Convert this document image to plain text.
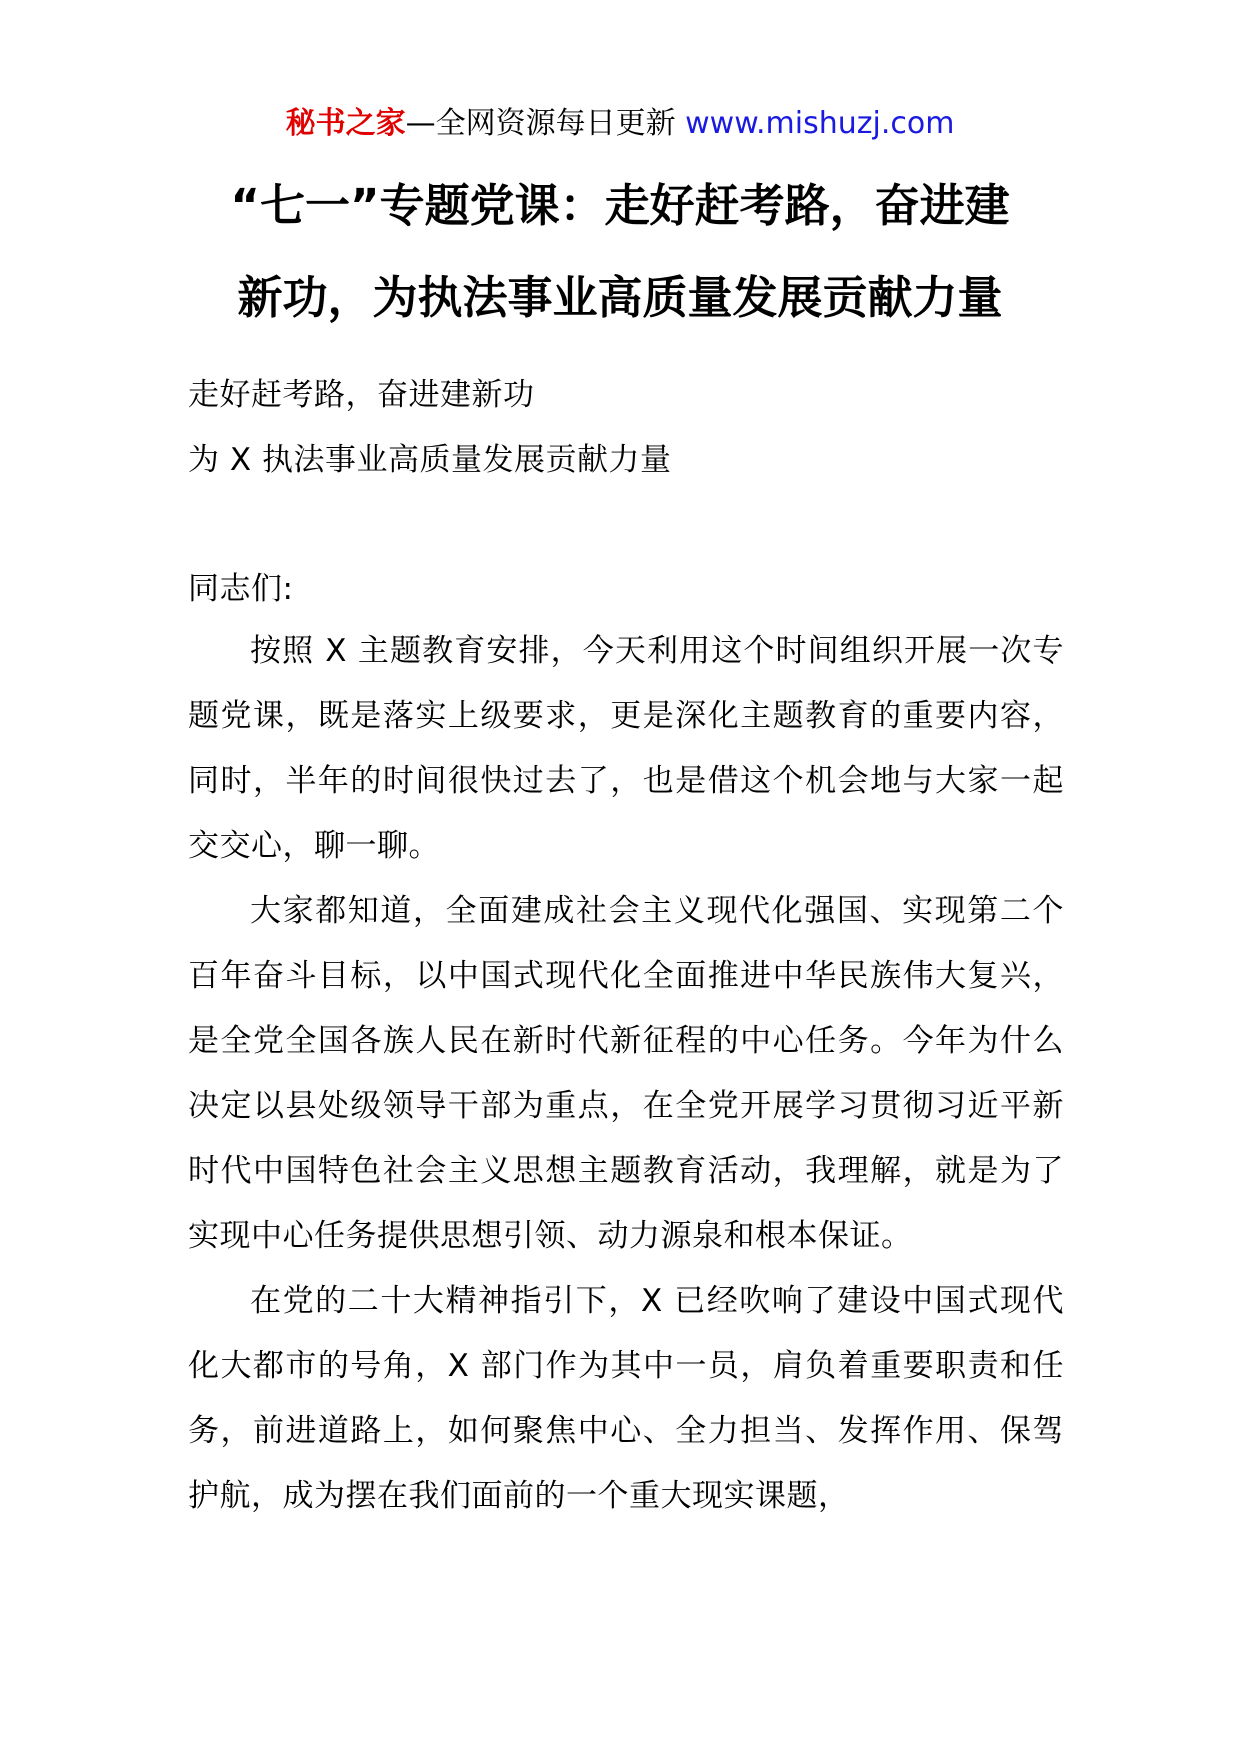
秘书之家—全网资源每日更新 www.mishuzj.com
“七一”专题党课：走好赶考路，奋进建
新功，为执法事业高质量发展贡献力量
走好赶考路，奋进建新功
为 X 执法事业高质量发展贡献力量
同志们:

按照 X 主题教育安排，今天利用这个时间组织开展一次专题党课，既是落实上级要求，更是深化主题教育的重要内容，同时，半年的时间很快过去了，也是借这个机会地与大家一起交交心，聊一聊。

大家都知道，全面建成社会主义现代化强国、实现第二个百年奋斗目标，以中国式现代化全面推进中华民族伟大复兴，是全党全国各族人民在新时代新征程的中心任务。今年为什么决定以县处级领导干部为重点，在全党开展学习贯彻习近平新时代中国特色社会主义思想主题教育活动，我理解，就是为了实现中心任务提供思想引领、动力源泉和根本保证。

在党的二十大精神指引下，X 已经吹响了建设中国式现代化大都市的号角，X 部门作为其中一员，肩负着重要职责和任务，前进道路上，如何聚焦中心、全力担当、发挥作用、保驾护航，成为摆在我们面前的一个重大现实课题，
